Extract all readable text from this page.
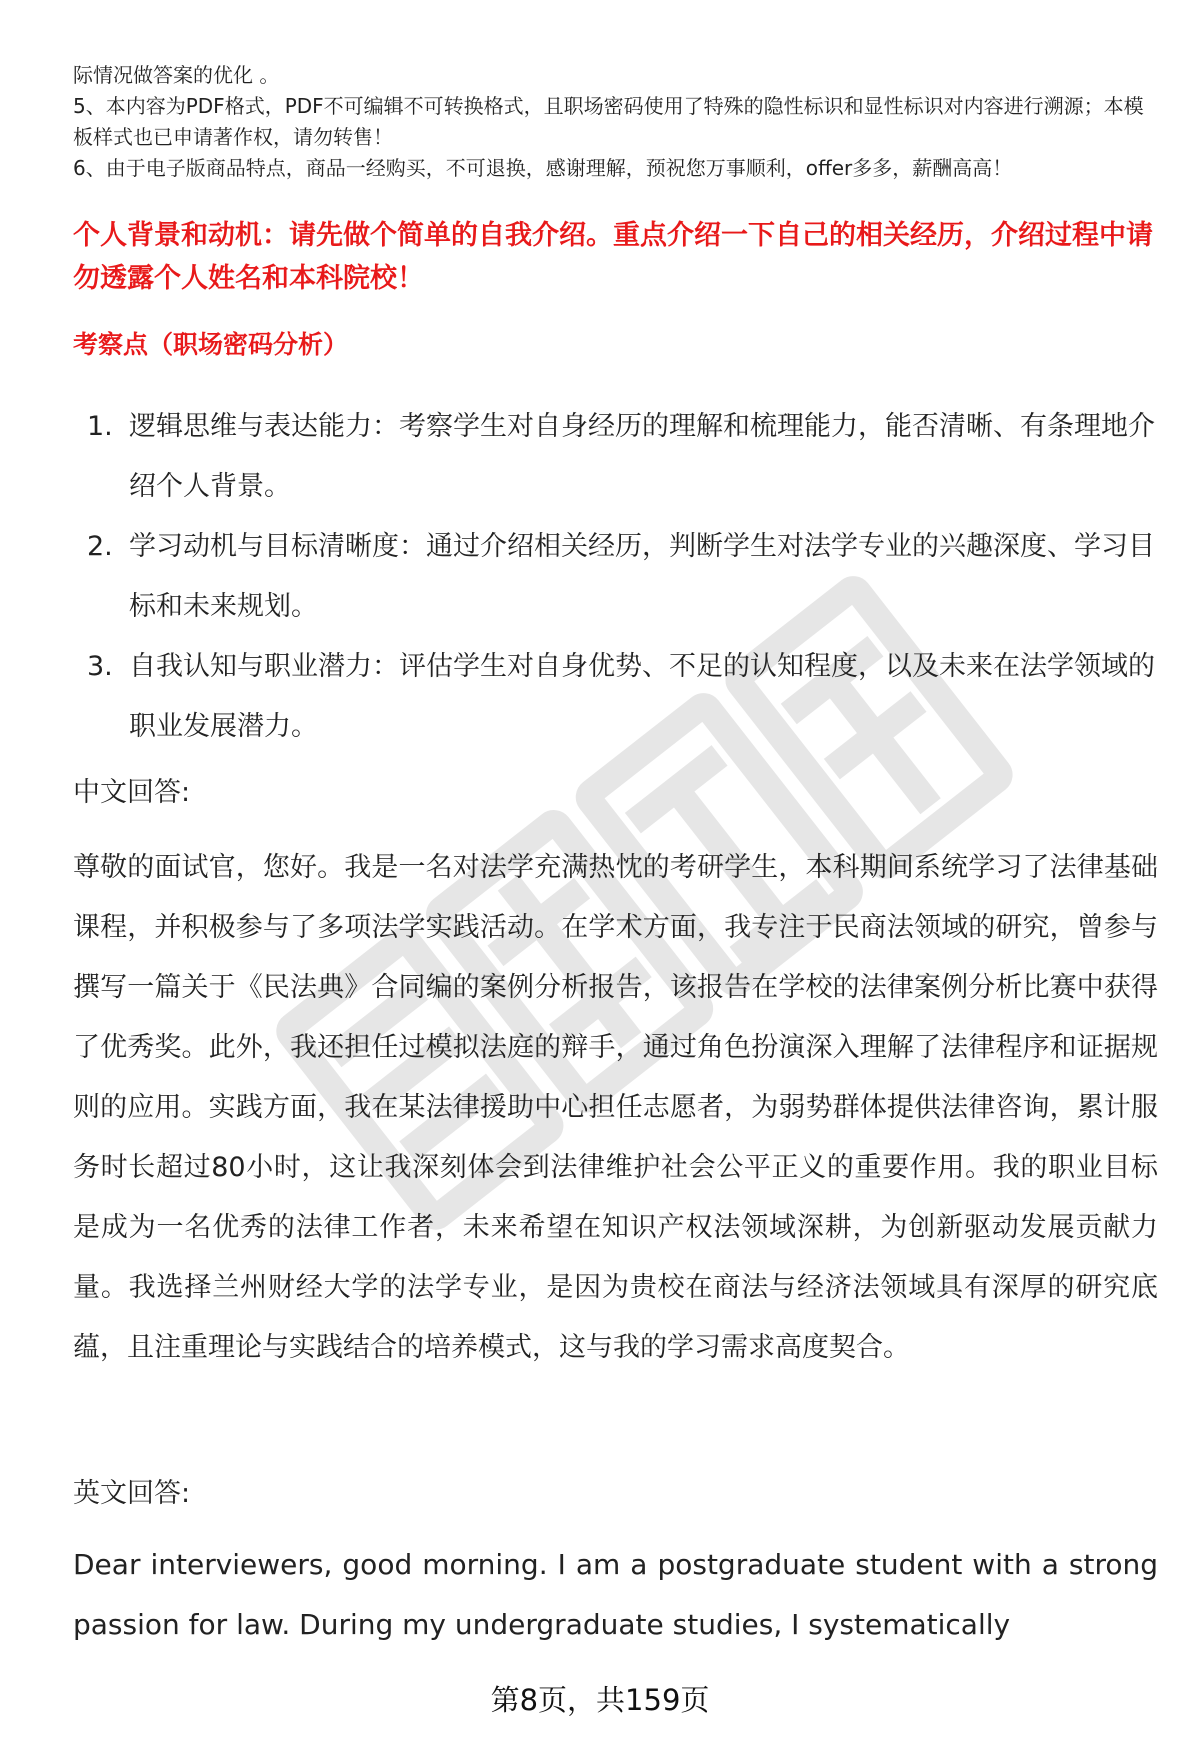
际情况做答案的优化 。

5、本内容为PDF格式，PDF不可编辑不可转换格式，且职场密码使用了特殊的隐性标识和显性标识对内容进行溯源；本模板样式也已申请著作权，请勿转售！

6、由于电子版商品特点，商品一经购买，不可退换，感谢理解，预祝您万事顺利，offer多多，薪酬高高！

个人背景和动机：请先做个简单的自我介绍。重点介绍一下自己的相关经历，介绍过程中请勿透露个人姓名和本科院校！
考察点（职场密码分析）
1. 逻辑思维与表达能力：考察学生对自身经历的理解和梳理能力，能否清晰、有条理地介绍个人背景。
2. 学习动机与目标清晰度：通过介绍相关经历，判断学生对法学专业的兴趣深度、学习目标和未来规划。
3. 自我认知与职业潜力：评估学生对自身优势、不足的认知程度，以及未来在法学领域的职业发展潜力。
中文回答:
尊敬的面试官，您好。我是一名对法学充满热忱的考研学生，本科期间系统学习了法律基础课程，并积极参与了多项法学实践活动。在学术方面，我专注于民商法领域的研究，曾参与撰写一篇关于《民法典》合同编的案例分析报告，该报告在学校的法律案例分析比赛中获得了优秀奖。此外，我还担任过模拟法庭的辩手，通过角色扮演深入理解了法律程序和证据规则的应用。实践方面，我在某法律援助中心担任志愿者，为弱势群体提供法律咨询，累计服务时长超过80小时，这让我深刻体会到法律维护社会公平正义的重要作用。我的职业目标是成为一名优秀的法律工作者，未来希望在知识产权法领域深耕，为创新驱动发展贡献力量。我选择兰州财经大学的法学专业，是因为贵校在商法与经济法领域具有深厚的研究底蕴，且注重理论与实践结合的培养模式，这与我的学习需求高度契合。
英文回答:
Dear interviewers, good morning. I am a postgraduate student with a strong passion for law. During my undergraduate studies, I systematically
第8页，共159页
